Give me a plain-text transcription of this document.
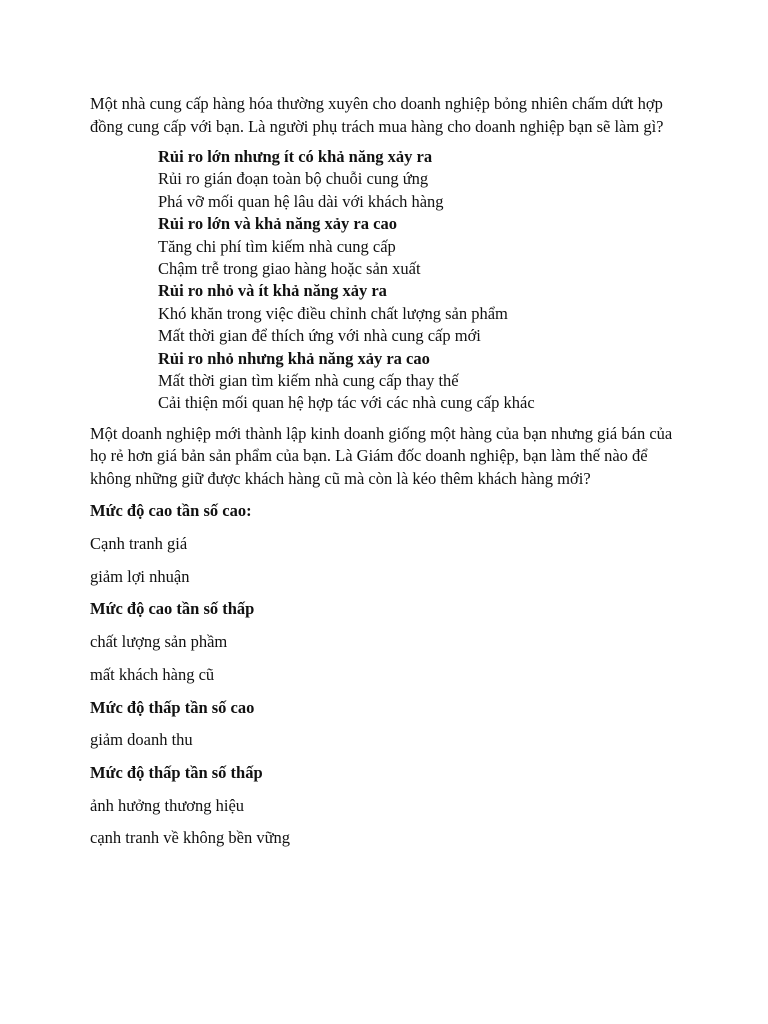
Một nhà cung cấp hàng hóa thường xuyên cho doanh nghiệp bỏng nhiên chấm dứt hợp đồng cung cấp với bạn. Là người phụ trách mua hàng cho doanh nghiệp bạn sẽ làm gì?

Rủi ro lớn nhưng ít có khả năng xảy ra
Rủi ro gián đoạn toàn bộ chuỗi cung ứng
Phá vỡ mối quan hệ lâu dài với khách hàng
Rủi ro lớn và khả năng xảy ra cao
Tăng chi phí tìm kiếm nhà cung cấp
Chậm trễ trong giao hàng hoặc sản xuất
Rủi ro nhỏ và ít khả năng xảy ra
Khó khăn trong việc điều chỉnh chất lượng sản phẩm
Mất thời gian để thích ứng với nhà cung cấp mới
Rủi ro nhỏ nhưng khả năng xảy ra cao
Mất thời gian tìm kiếm nhà cung cấp thay thế
Cải thiện mối quan hệ hợp tác với các nhà cung cấp khác

Một doanh nghiệp mới thành lập kinh doanh giống một hàng của bạn nhưng giá bán của họ rẻ hơn giá bản sản phẩm của bạn. Là Giám đốc doanh nghiệp, bạn làm thế nào để không những giữ được khách hàng cũ mà còn là kéo thêm khách hàng mới?

Mức độ cao tần số cao:

Cạnh tranh giá

giảm lợi nhuận

Mức độ cao tần số thấp

chất lượng sản phầm

mất khách hàng cũ

Mức độ thấp tần số cao

giảm doanh thu

Mức độ thấp tần số thấp

ảnh hưởng thương hiệu

cạnh tranh về không bền vững
